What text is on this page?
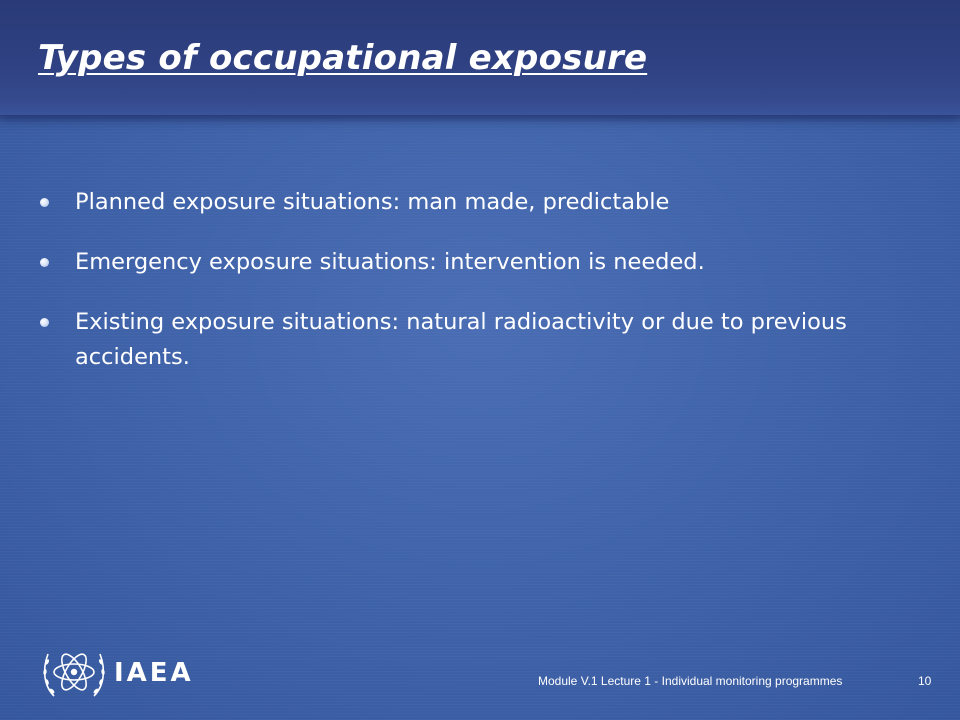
Types of occupational exposure
Planned exposure situations: man made, predictable
Emergency exposure situations: intervention is needed.
Existing exposure situations: natural radioactivity or due to previous accidents.
IAEA	Module V.1 Lecture 1 - Individual monitoring programmes	10
